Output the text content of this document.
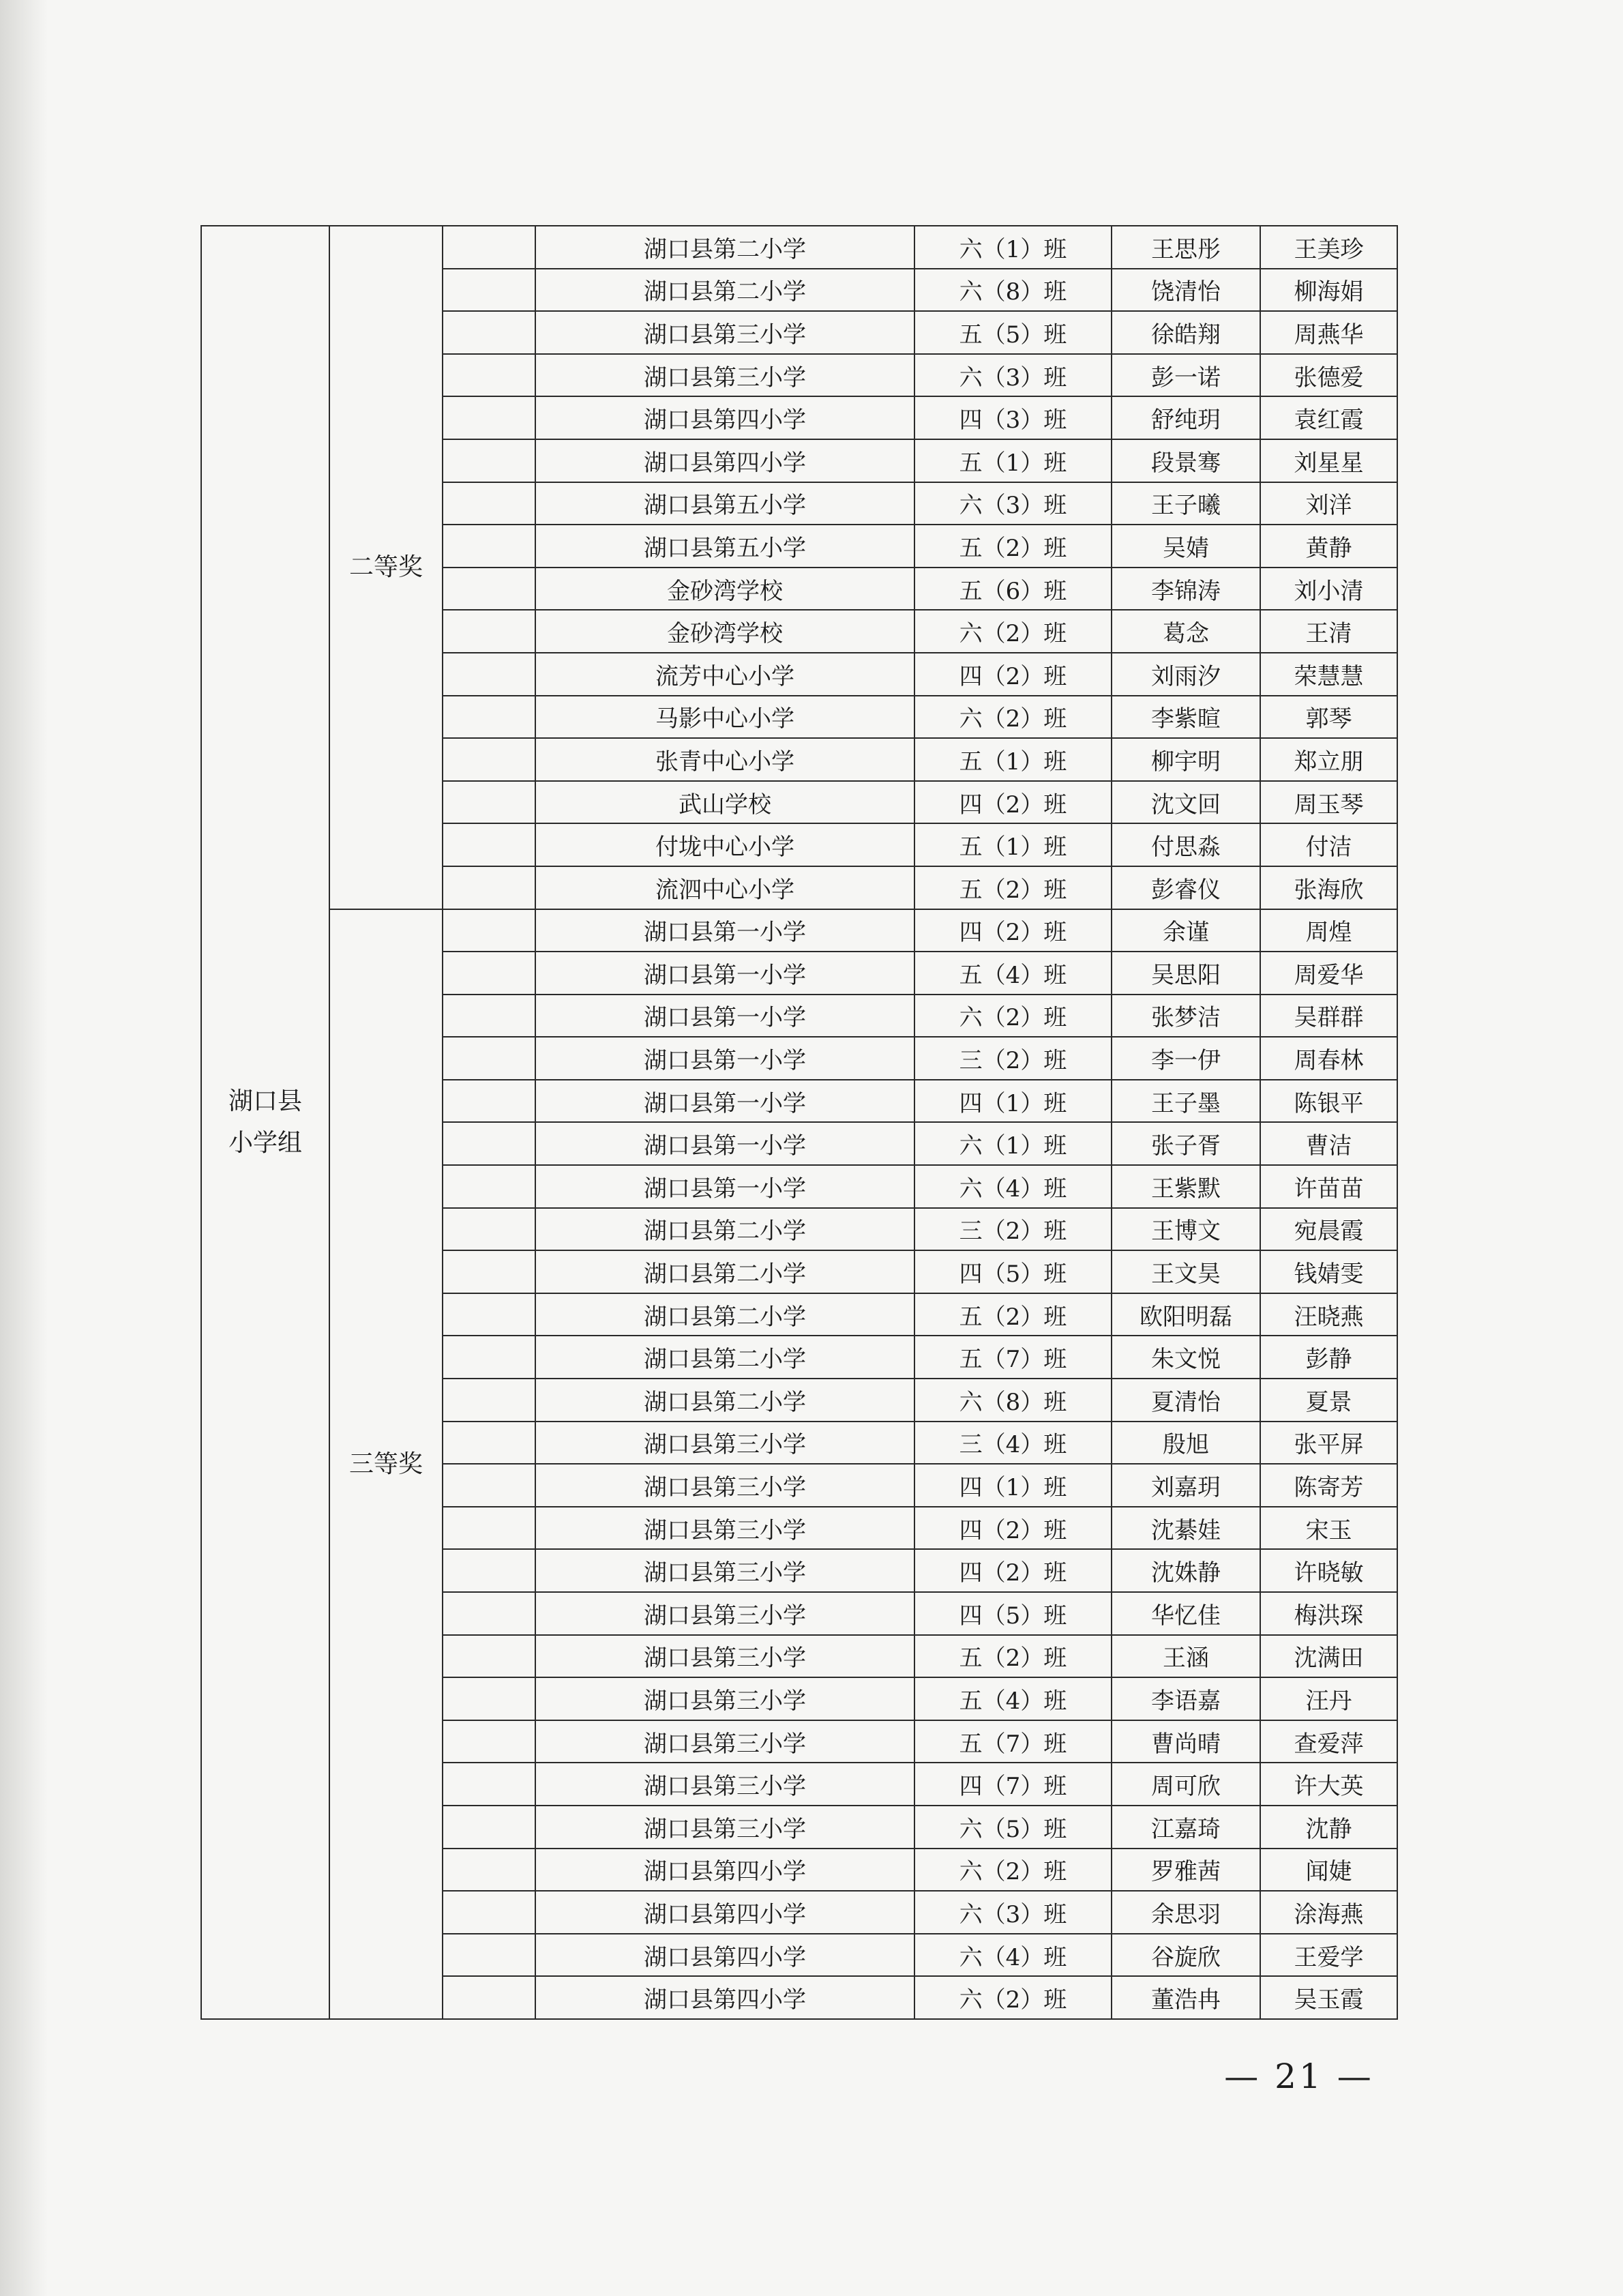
湖口县
小学组	二等奖		湖口县第二小学	六（1）班	王思彤	王美珍
			湖口县第二小学	六（8）班	饶清怡	柳海娟
			湖口县第三小学	五（5）班	徐皓翔	周燕华
			湖口县第三小学	六（3）班	彭一诺	张德爱
			湖口县第四小学	四（3）班	舒纯玥	袁红霞
			湖口县第四小学	五（1）班	段景骞	刘星星
			湖口县第五小学	六（3）班	王子曦	刘洋
			湖口县第五小学	五（2）班	吴婧	黄静
			金砂湾学校	五（6）班	李锦涛	刘小清
			金砂湾学校	六（2）班	葛念	王清
			流芳中心小学	四（2）班	刘雨汐	荣慧慧
			马影中心小学	六（2）班	李紫暄	郭琴
			张青中心小学	五（1）班	柳宇明	郑立朋
			武山学校	四（2）班	沈文回	周玉琴
			付垅中心小学	五（1）班	付思淼	付洁
			流泗中心小学	五（2）班	彭睿仪	张海欣
	三等奖		湖口县第一小学	四（2）班	余谨	周煌
			湖口县第一小学	五（4）班	吴思阳	周爱华
			湖口县第一小学	六（2）班	张梦洁	吴群群
			湖口县第一小学	三（2）班	李一伊	周春林
			湖口县第一小学	四（1）班	王子墨	陈银平
			湖口县第一小学	六（1）班	张子胥	曹洁
			湖口县第一小学	六（4）班	王紫默	许苗苗
			湖口县第二小学	三（2）班	王博文	宛晨霞
			湖口县第二小学	四（5）班	王文昊	钱婧雯
			湖口县第二小学	五（2）班	欧阳明磊	汪晓燕
			湖口县第二小学	五（7）班	朱文悦	彭静
			湖口县第二小学	六（8）班	夏清怡	夏景
			湖口县第三小学	三（4）班	殷旭	张平屏
			湖口县第三小学	四（1）班	刘嘉玥	陈寄芳
			湖口县第三小学	四（2）班	沈綦娃	宋玉
			湖口县第三小学	四（2）班	沈姝静	许晓敏
			湖口县第三小学	四（5）班	华忆佳	梅洪琛
			湖口县第三小学	五（2）班	王涵	沈满田
			湖口县第三小学	五（4）班	李语嘉	汪丹
			湖口县第三小学	五（7）班	曹尚晴	查爱萍
			湖口县第三小学	四（7）班	周可欣	许大英
			湖口县第三小学	六（5）班	江嘉琦	沈静
			湖口县第四小学	六（2）班	罗雅茜	闻婕
			湖口县第四小学	六（3）班	余思羽	涂海燕
			湖口县第四小学	六（4）班	谷旋欣	王爱学
			湖口县第四小学	六（2）班	董浩冉	吴玉霞
— 21 —
